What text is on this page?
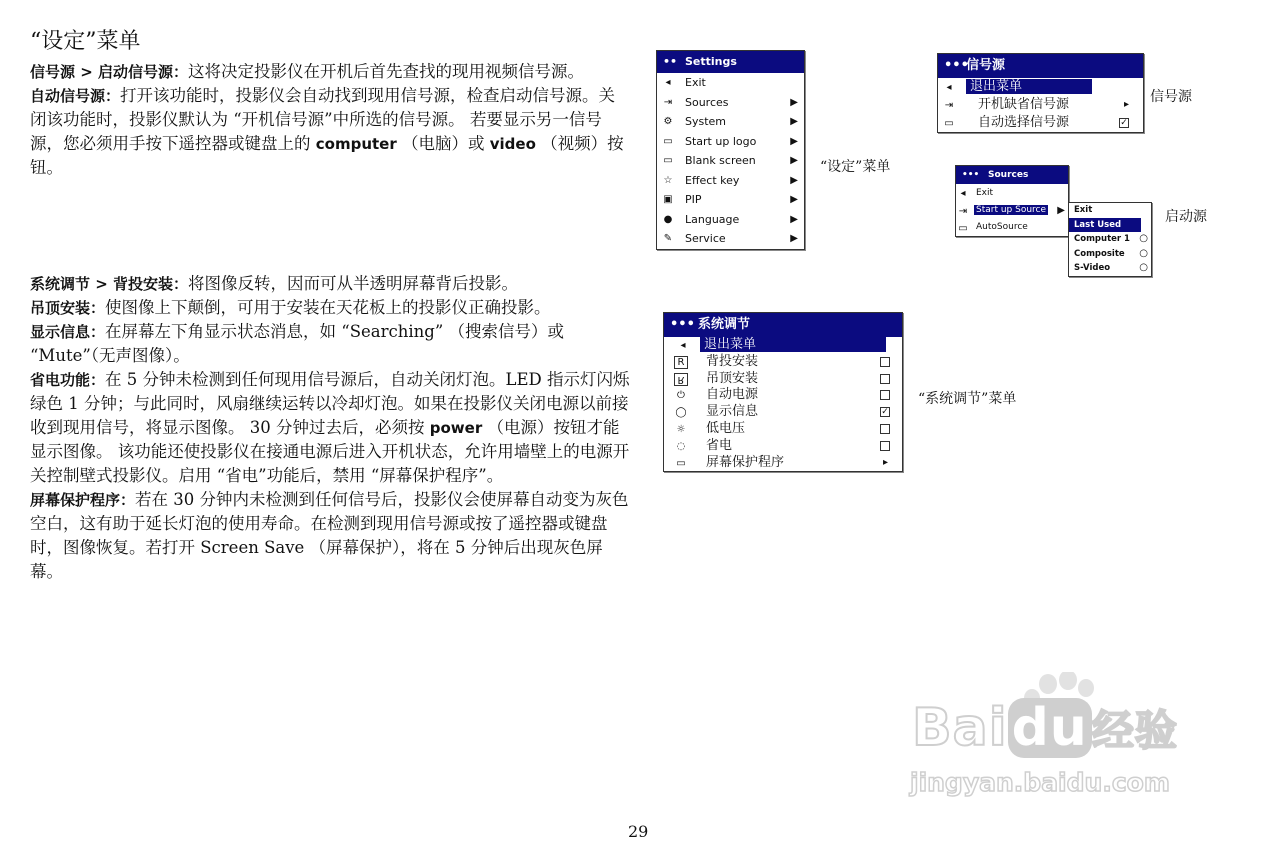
“设定”菜单

信号源 > 启动信号源：这将决定投影仪在开机后首先查找的现用视频信号源。

自动信号源：打开该功能时，投影仪会自动找到现用信号源，检查启动信号源。关闭该功能时，投影仪默认为 “开机信号源”中所选的信号源。 若要显示另一信号源，您必须用手按下遥控器或键盘上的 computer （电脑）或 video （视频）按钮。

系统调节 > 背投安装：将图像反转，因而可从半透明屏幕背后投影。

吊顶安装：使图像上下颠倒，可用于安装在天花板上的投影仪正确投影。

显示信息：在屏幕左下角显示状态消息，如 “Searching” （搜索信号）或 “Mute”（无声图像）。

省电功能：在 5 分钟未检测到任何现用信号源后，自动关闭灯泡。LED 指示灯闪烁绿色 1 分钟；与此同时，风扇继续运转以冷却灯泡。如果在投影仪关闭电源以前接收到现用信号，将显示图像。 30 分钟过去后，必须按 power （电源）按钮才能显示图像。 该功能还使投影仪在接通电源后进入开机状态，允许用墙壁上的电源开关控制壁式投影仪。启用 “省电”功能后，禁用 “屏幕保护程序”。

屏幕保护程序：若在 30 分钟内未检测到任何信号后，投影仪会使屏幕自动变为灰色空白，这有助于延长灯泡的使用寿命。在检测到现用信号源或按了遥控器或键盘时，图像恢复。若打开 Screen Save （屏幕保护），将在 5 分钟后出现灰色屏幕。

•• Settings
◂	Exit
⇥ Sources	▶
⚙ System	▶
▭ Start up logo	▶
▭ Blank screen	▶
☆ Effect key	▶
▣ PIP	▶
● Language	▶
✎ Service	▶
“设定”菜单
•••信号源
◂	退出菜单
⇥ 开机缺省信号源	▸
▭ 自动选择信号源	✓
信号源
••• Sources
◂	Exit
⇥ Start up Source ▶
▭ AutoSource
Exit
Last Used
Computer 1 ○
Composite ○
S-Video	○
启动源
••• 系统调节
◂	退出菜单
R 背投安装
R 吊顶安装
⏻ 自动电源
◯ 显示信息	✓
☼ 低电压
◌ 省电
▭ 屏幕保护程序	▸
“系统调节”菜单
Baidu经验
jingyan.baidu.com
29
